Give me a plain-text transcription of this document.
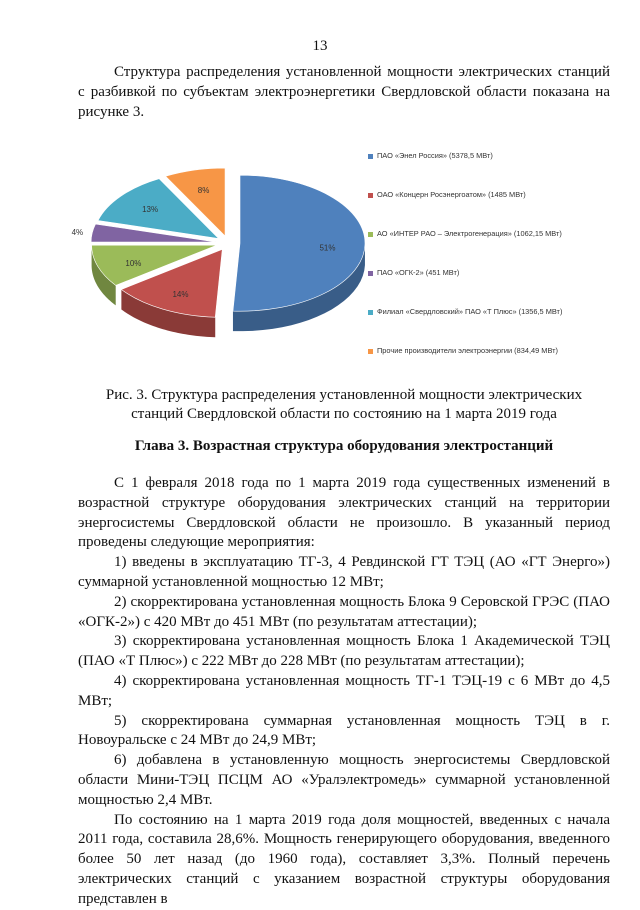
13

Структура распределения установленной мощности электрических станций с разбивкой по субъектам электроэнергетики Свердловской области показана на рисунке 3.

51%
14%
10%
4%
13%
8%
ПАО «Энел Россия» (5378,5 МВт)
ОАО «Концерн Росэнергоатом» (1485 МВт)
АО «ИНТЕР РАО – Электрогенерация» (1062,15 МВт)
ПАО «ОГК-2» (451 МВт)
Филиал «Свердловский» ПАО «Т Плюс» (1356,5 МВт)
Прочие производители электроэнергии (834,49 МВт)
Рис. 3. Структура распределения установленной мощности электрических станций Свердловской области по состоянию на 1 марта 2019 года
Глава 3. Возрастная структура оборудования электростанций

С 1 февраля 2018 года по 1 марта 2019 года существенных изменений в возрастной структуре оборудования электрических станций на территории энергосистемы Свердловской области не произошло. В указанный период проведены следующие мероприятия:

1) введены в эксплуатацию ТГ-3, 4 Ревдинской ГТ ТЭЦ (АО «ГТ Энерго») суммарной установленной мощностью 12 МВт;

2) скорректирована установленная мощность Блока 9 Серовской ГРЭС (ПАО «ОГК-2») с 420 МВт до 451 МВт (по результатам аттестации);

3) скорректирована установленная мощность Блока 1 Академической ТЭЦ (ПАО «Т Плюс») с 222 МВт до 228 МВт (по результатам аттестации);

4) скорректирована установленная мощность ТГ-1 ТЭЦ-19 с 6 МВт до 4,5 МВт;

5) скорректирована суммарная установленная мощность ТЭЦ в г. Новоуральске с 24 МВт до 24,9 МВт;

6) добавлена в установленную мощность энергосистемы Свердловской области Мини-ТЭЦ ПСЦМ АО «Уралэлектромедь» суммарной установленной мощностью 2,4 МВт.

По состоянию на 1 марта 2019 года доля мощностей, введенных с начала 2011 года, составила 28,6%. Мощность генерирующего оборудования, введенного более 50 лет назад (до 1960 года), составляет 3,3%. Полный перечень электрических станций с указанием возрастной структуры оборудования представлен в
